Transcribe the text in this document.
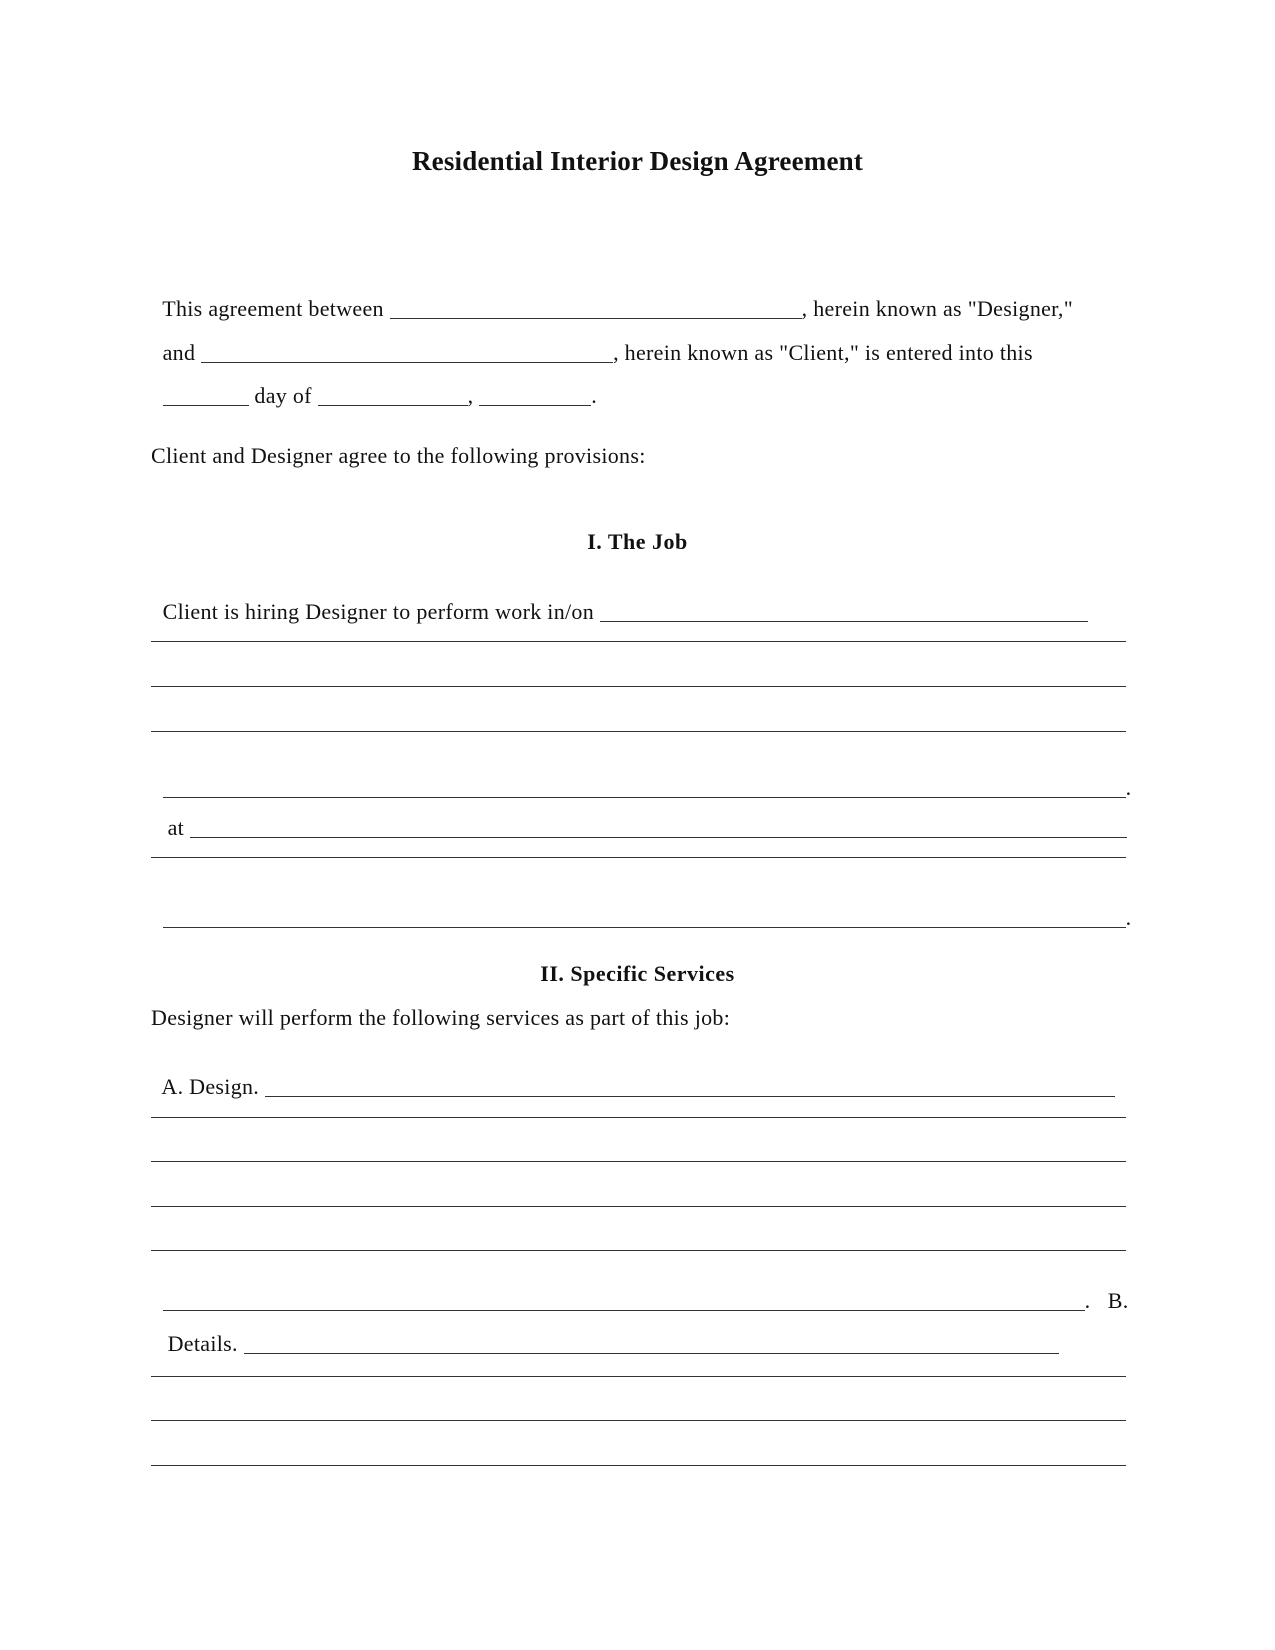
Residential Interior Design Agreement

This agreement between	, herein known as "Designer,"

and	, herein known as "Client," is entered into this

day of	,	.

Client and Designer agree to the following provisions:
I. The Job

Client is hiring Designer to perform work in/on

.

at

.

II. Specific Services
Designer will perform the following services as part of this job:

A. Design.

.   B.

Details.
